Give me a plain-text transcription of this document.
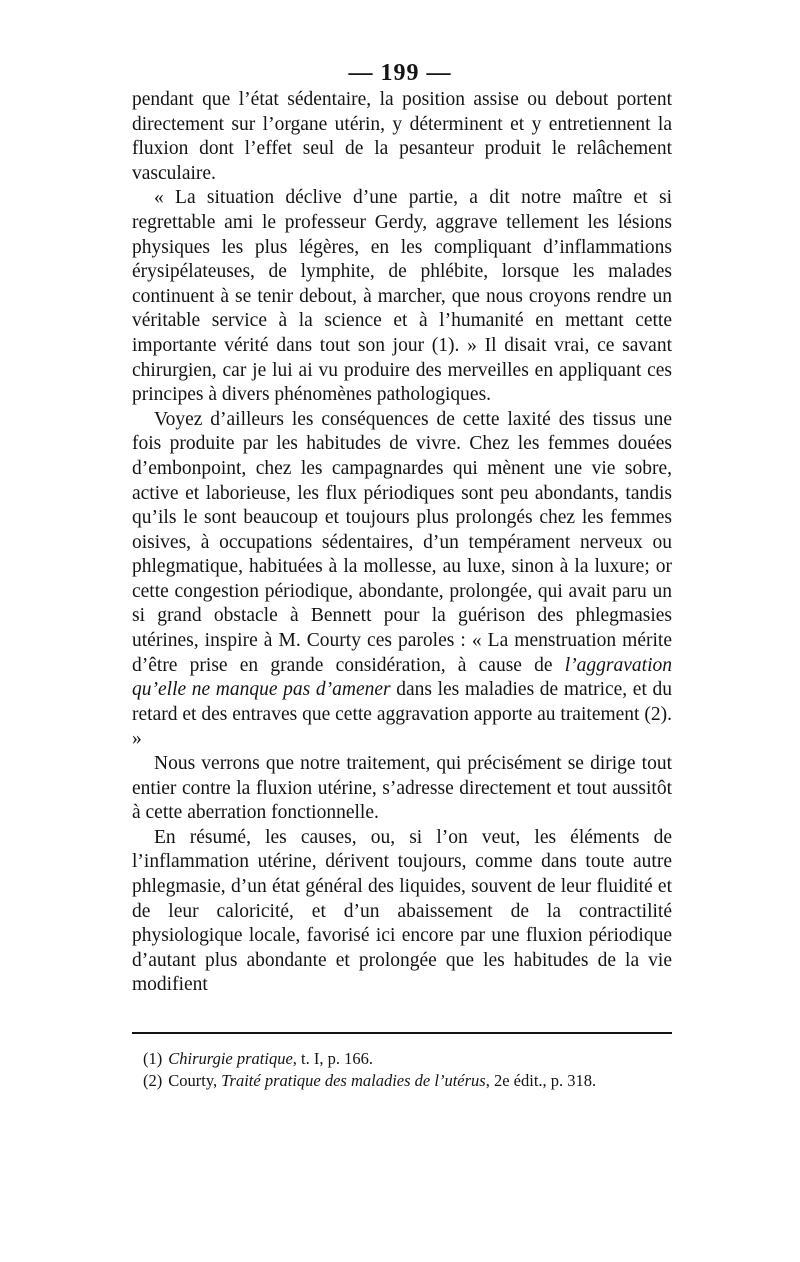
— 199 —

pendant que l’état sédentaire, la position assise ou debout portent directement sur l’organe utérin, y déterminent et y entretiennent la fluxion dont l’effet seul de la pesanteur produit le relâchement vasculaire.

« La situation déclive d’une partie, a dit notre maître et si regrettable ami le professeur Gerdy, aggrave tellement les lésions physiques les plus légères, en les compliquant d’inflammations érysipélateuses, de lymphite, de phlébite, lorsque les malades continuent à se tenir debout, à marcher, que nous croyons rendre un véritable service à la science et à l’humanité en mettant cette importante vérité dans tout son jour (1). » Il disait vrai, ce savant chirurgien, car je lui ai vu produire des merveilles en appliquant ces principes à divers phénomènes pathologiques.

Voyez d’ailleurs les conséquences de cette laxité des tissus une fois produite par les habitudes de vivre. Chez les femmes douées d’embonpoint, chez les campagnardes qui mènent une vie sobre, active et laborieuse, les flux périodiques sont peu abondants, tandis qu’ils le sont beaucoup et toujours plus prolongés chez les femmes oisives, à occupations sédentaires, d’un tempérament nerveux ou phlegmatique, habituées à la mollesse, au luxe, sinon à la luxure; or cette congestion périodique, abondante, prolongée, qui avait paru un si grand obstacle à Bennett pour la guérison des phlegmasies utérines, inspire à M. Courty ces paroles : « La menstruation mérite d’être prise en grande considération, à cause de l’aggravation qu’elle ne manque pas d’amener dans les maladies de matrice, et du retard et des entraves que cette aggravation apporte au traitement (2). »

Nous verrons que notre traitement, qui précisément se dirige tout entier contre la fluxion utérine, s’adresse directement et tout aussitôt à cette aberration fonctionnelle.

En résumé, les causes, ou, si l’on veut, les éléments de l’inflammation utérine, dérivent toujours, comme dans toute autre phlegmasie, d’un état général des liquides, souvent de leur fluidité et de leur caloricité, et d’un abaissement de la contractilité physiologique locale, favorisé ici encore par une fluxion périodique d’autant plus abondante et prolongée que les habitudes de la vie modifient

(1) Chirurgie pratique, t. I, p. 166.

(2) Courty, Traité pratique des maladies de l’utérus, 2e édit., p. 318.
